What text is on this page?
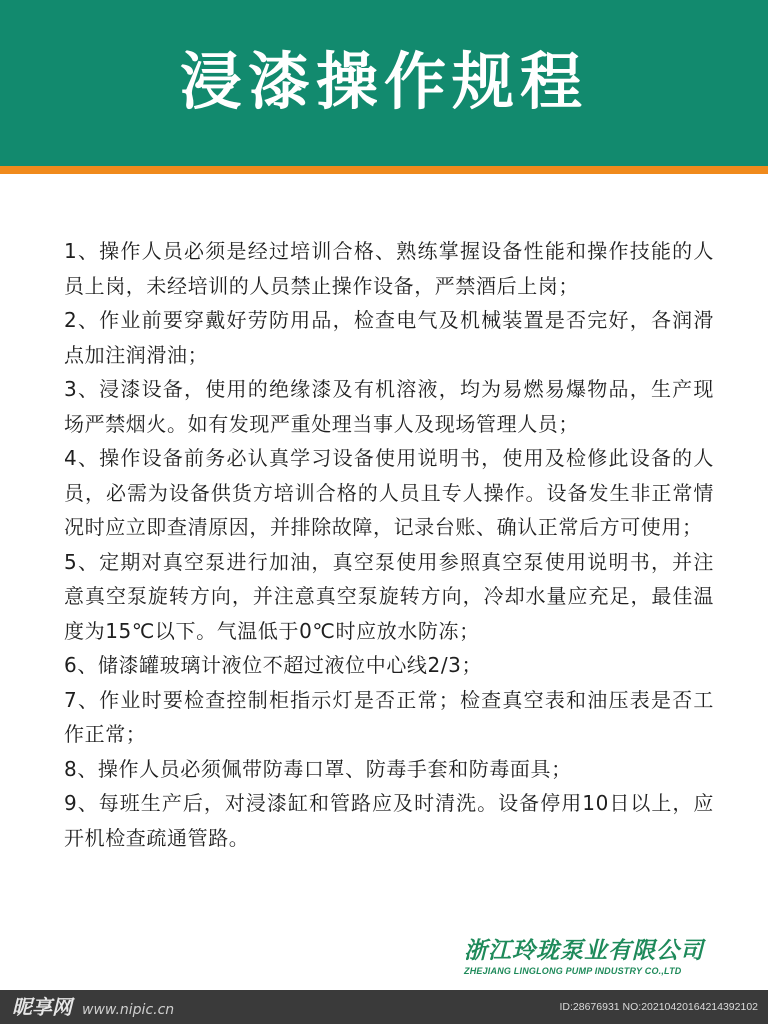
浸漆操作规程
1、操作人员必须是经过培训合格、熟练掌握设备性能和操作技能的人员上岗，未经培训的人员禁止操作设备，严禁酒后上岗；
2、作业前要穿戴好劳防用品，检查电气及机械装置是否完好，各润滑点加注润滑油；
3、浸漆设备，使用的绝缘漆及有机溶液，均为易燃易爆物品，生产现场严禁烟火。如有发现严重处理当事人及现场管理人员；
4、操作设备前务必认真学习设备使用说明书，使用及检修此设备的人员，必需为设备供货方培训合格的人员且专人操作。设备发生非正常情况时应立即查清原因，并排除故障，记录台账、确认正常后方可使用；
5、定期对真空泵进行加油，真空泵使用参照真空泵使用说明书，并注意真空泵旋转方向，并注意真空泵旋转方向，冷却水量应充足，最佳温度为15℃以下。气温低于0℃时应放水防冻；
6、储漆罐玻璃计液位不超过液位中心线2/3；
7、作业时要检查控制柜指示灯是否正常；检查真空表和油压表是否工作正常；
8、操作人员必须佩带防毒口罩、防毒手套和防毒面具；
9、每班生产后，对浸漆缸和管路应及时清洗。设备停用10日以上，应开机检查疏通管路。
浙江玲珑泵业有限公司
ZHEJIANG LINGLONG PUMP INDUSTRY CO.,LTD
昵享网 www.nipic.cn	ID:28676931 NO:20210420164214392102
